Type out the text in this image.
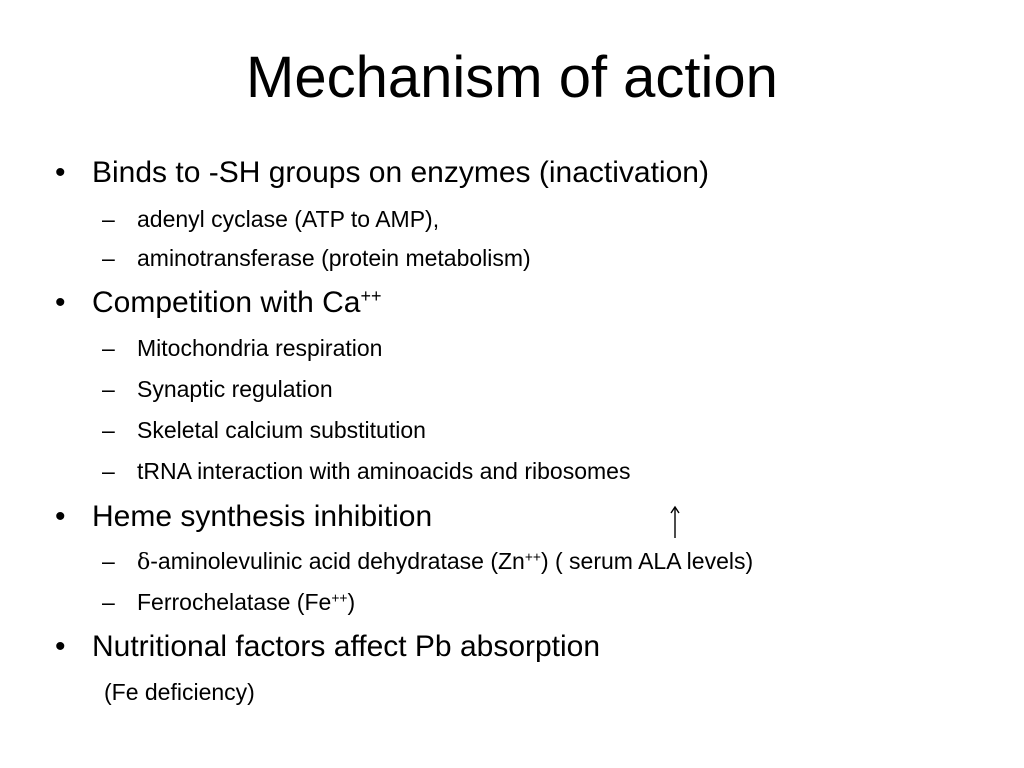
Mechanism of action
• Binds to -SH groups on enzymes (inactivation)
– adenyl cyclase (ATP to AMP),
– aminotransferase (protein metabolism)
• Competition with Ca++
– Mitochondria respiration
– Synaptic regulation
– Skeletal calcium substitution
– tRNA interaction with aminoacids and ribosomes
• Heme synthesis inhibition
– δ-aminolevulinic acid dehydratase (Zn++) ( serum ALA levels)
– Ferrochelatase (Fe++)
• Nutritional factors affect Pb absorption
(Fe deficiency)
